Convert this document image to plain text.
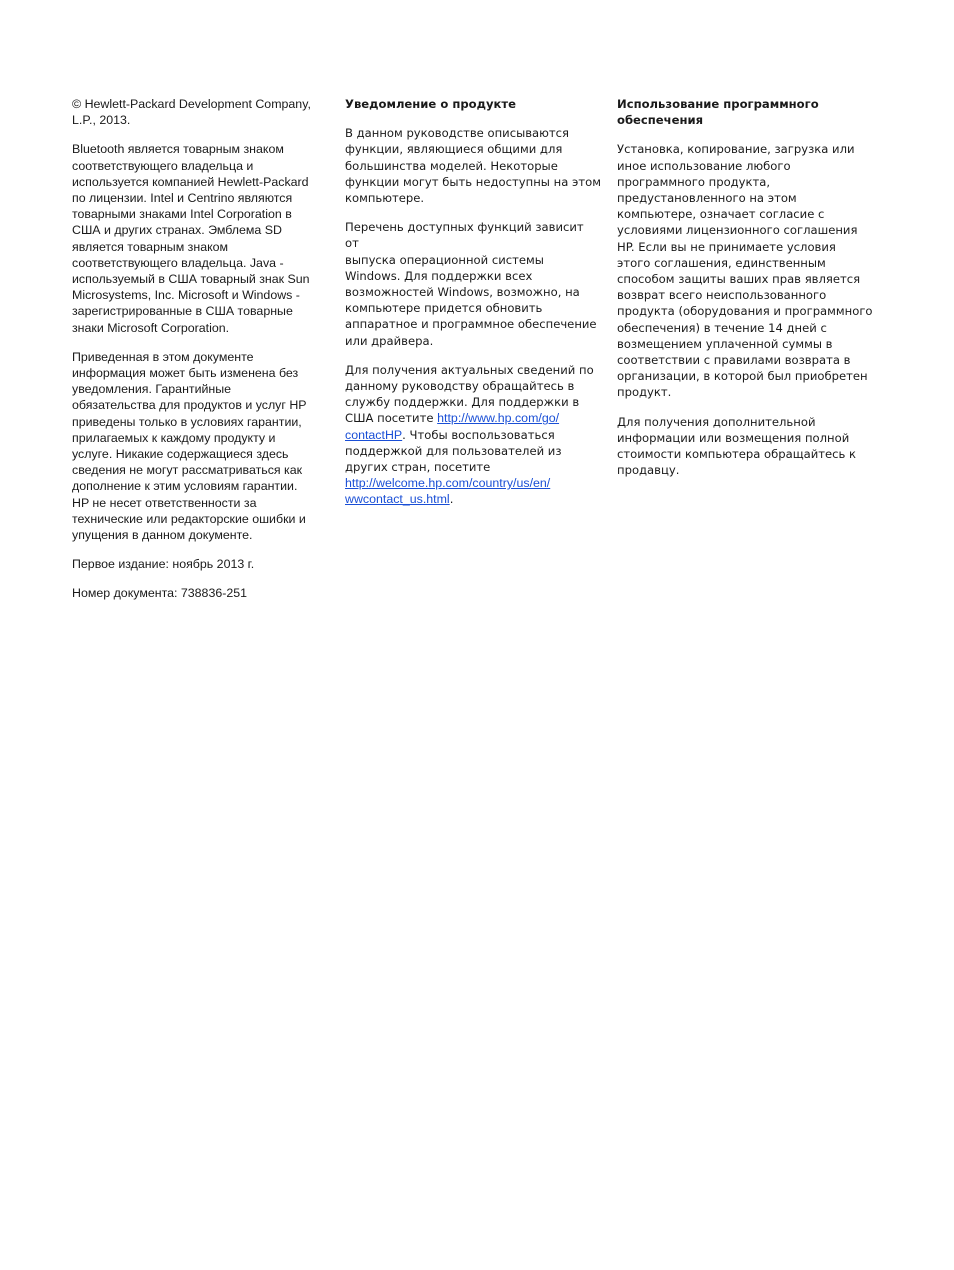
© Hewlett-Packard Development Company,
L.P., 2013.

Bluetooth является товарным знаком
соответствующего владельца и
используется компанией Hewlett-Packard
по лицензии. Intel и Centrino являются
товарными знаками Intel Corporation в
США и других странах. Эмблема SD
является товарным знаком
соответствующего владельца. Java -
используемый в США товарный знак Sun
Microsystems, Inc. Microsoft и Windows -
зарегистрированные в США товарные
знаки Microsoft Corporation.

Приведенная в этом документе
информация может быть изменена без
уведомления. Гарантийные
обязательства для продуктов и услуг HP
приведены только в условиях гарантии,
прилагаемых к каждому продукту и
услуге. Никакие содержащиеся здесь
сведения не могут рассматриваться как
дополнение к этим условиям гарантии.
HP не несет ответственности за
технические или редакторские ошибки и
упущения в данном документе.

Первое издание: ноябрь 2013 г.

Номер документа: 738836-251

Уведомление о продукте

В данном руководстве описываются
функции, являющиеся общими для
большинства моделей. Некоторые
функции могут быть недоступны на этом
компьютере.

Перечень доступных функций зависит от
выпуска операционной системы
Windows. Для поддержки всех
возможностей Windows, возможно, на
компьютере придется обновить
аппаратное и программное обеспечение
или драйвера.

Для получения актуальных сведений по
данному руководству обращайтесь в
службу поддержки. Для поддержки в
США посетите http://www.hp.com/go/
contactHP. Чтобы воспользоваться
поддержкой для пользователей из
других стран, посетите
http://welcome.hp.com/country/us/en/
wwcontact_us.html.

Использование программного
обеспечения

Установка, копирование, загрузка или
иное использование любого
программного продукта,
предустановленного на этом
компьютере, означает согласие с
условиями лицензионного соглашения
HP. Если вы не принимаете условия
этого соглашения, единственным
способом защиты ваших прав является
возврат всего неиспользованного
продукта (оборудования и программного
обеспечения) в течение 14 дней с
возмещением уплаченной суммы в
соответствии с правилами возврата в
организации, в которой был приобретен
продукт.

Для получения дополнительной
информации или возмещения полной
стоимости компьютера обращайтесь к
продавцу.
